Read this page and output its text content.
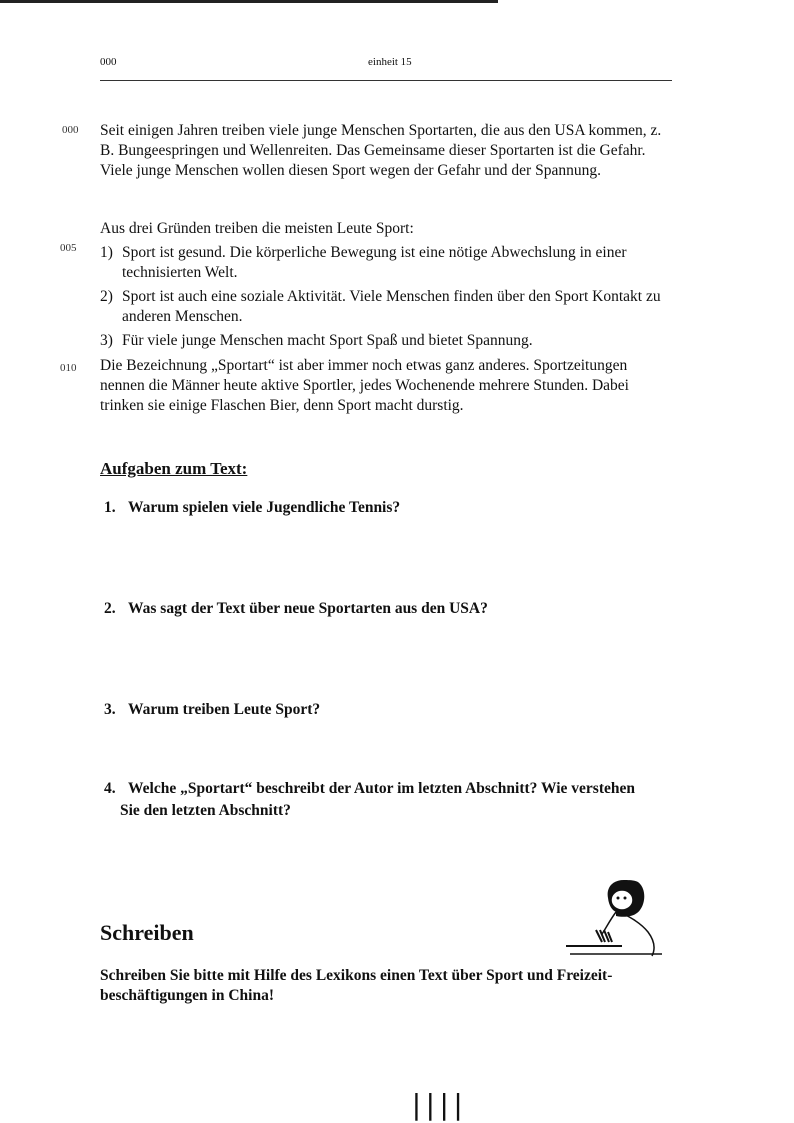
000	einheit 15
000
005
010

Seit einigen Jahren treiben viele junge Menschen Sportarten, die aus den USA kommen, z. B. Bungeespringen und Wellenreiten. Das Gemeinsame dieser Sportarten ist die Gefahr. Viele junge Menschen wollen diesen Sport wegen der Gefahr und der Spannung.

Aus drei Gründen treiben die meisten Leute Sport:

1) Sport ist gesund. Die körperliche Bewegung ist eine nötige Abwechslung in einer technisierten Welt.
2) Sport ist auch eine soziale Aktivität. Viele Menschen finden über den Sport Kontakt zu anderen Menschen.
3) Für viele junge Menschen macht Sport Spaß und bietet Spannung.

Die Bezeichnung „Sportart“ ist aber immer noch etwas ganz anderes. Sportzeitungen nennen die Männer heute aktive Sportler, jedes Wochenende mehrere Stunden. Dabei trinken sie einige Flaschen Bier, denn Sport macht durstig.

Aufgaben zum Text:
1. Warum spielen viele Jugendliche Tennis?
2. Was sagt der Text über neue Sportarten aus den USA?
3. Warum treiben Leute Sport?
4. Welche „Sportart“ beschreibt der Autor im letzten Abschnitt? Wie verstehen
Sie den letzten Abschnitt?
Schreiben
Schreiben Sie bitte mit Hilfe des Lexikons einen Text über Sport und Freizeit-beschäftigungen in China!
||||
